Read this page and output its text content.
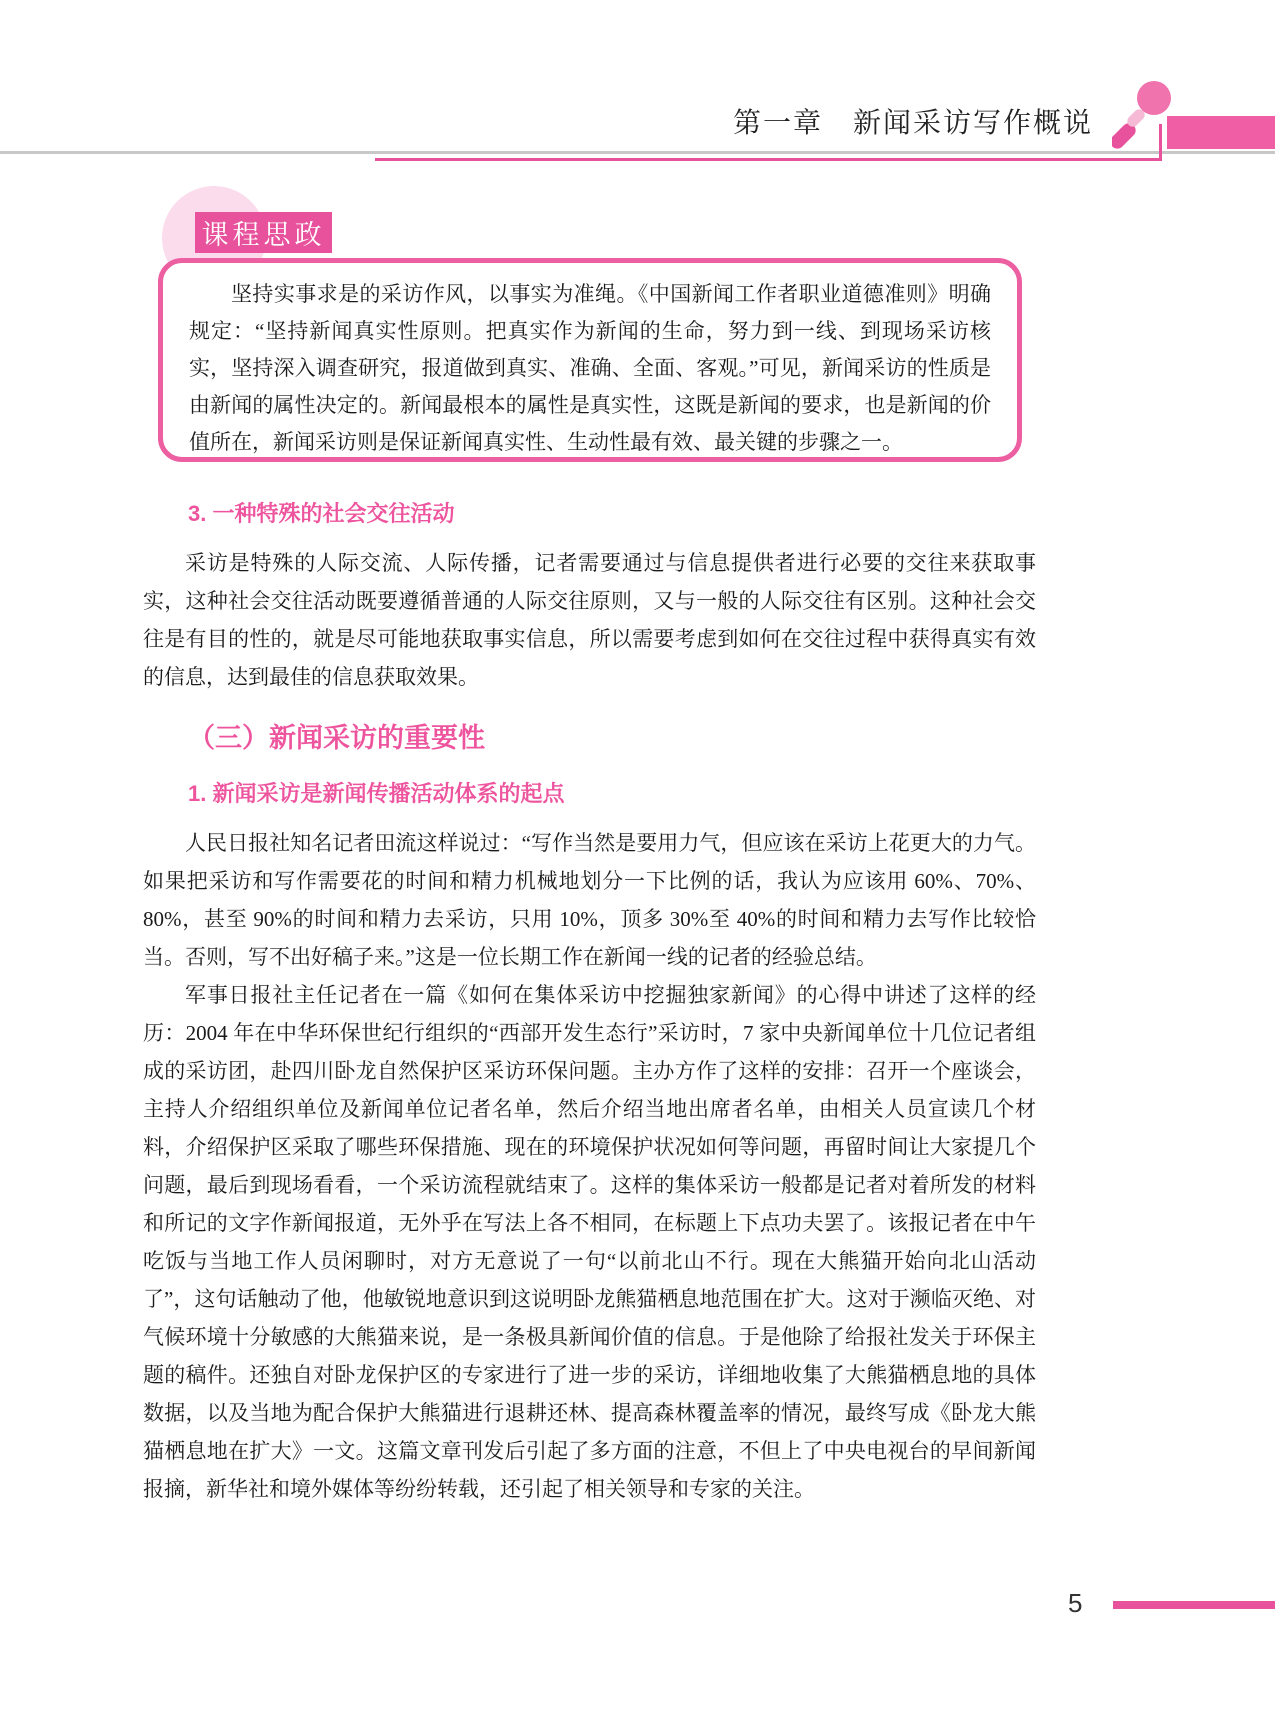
第一章　新闻采访写作概说
课程思政

坚持实事求是的采访作风，以事实为准绳。《中国新闻工作者职业道德准则》明确规定：“坚持新闻真实性原则。把真实作为新闻的生命，努力到一线、到现场采访核实，坚持深入调查研究，报道做到真实、准确、全面、客观。”可见，新闻采访的性质是由新闻的属性决定的。新闻最根本的属性是真实性，这既是新闻的要求，也是新闻的价值所在，新闻采访则是保证新闻真实性、生动性最有效、最关键的步骤之一。

3. 一种特殊的社会交往活动

采访是特殊的人际交流、人际传播，记者需要通过与信息提供者进行必要的交往来获取事实，这种社会交往活动既要遵循普通的人际交往原则，又与一般的人际交往有区别。这种社会交往是有目的性的，就是尽可能地获取事实信息，所以需要考虑到如何在交往过程中获得真实有效的信息，达到最佳的信息获取效果。

（三）新闻采访的重要性
1. 新闻采访是新闻传播活动体系的起点

人民日报社知名记者田流这样说过：“写作当然是要用力气，但应该在采访上花更大的力气。如果把采访和写作需要花的时间和精力机械地划分一下比例的话，我认为应该用 60%、70%、80%，甚至 90%的时间和精力去采访，只用 10%，顶多 30%至 40%的时间和精力去写作比较恰当。否则，写不出好稿子来。”这是一位长期工作在新闻一线的记者的经验总结。

军事日报社主任记者在一篇《如何在集体采访中挖掘独家新闻》的心得中讲述了这样的经历：2004 年在中华环保世纪行组织的“西部开发生态行”采访时，7 家中央新闻单位十几位记者组成的采访团，赴四川卧龙自然保护区采访环保问题。主办方作了这样的安排：召开一个座谈会，主持人介绍组织单位及新闻单位记者名单，然后介绍当地出席者名单，由相关人员宣读几个材料，介绍保护区采取了哪些环保措施、现在的环境保护状况如何等问题，再留时间让大家提几个问题，最后到现场看看，一个采访流程就结束了。这样的集体采访一般都是记者对着所发的材料和所记的文字作新闻报道，无外乎在写法上各不相同，在标题上下点功夫罢了。该报记者在中午吃饭与当地工作人员闲聊时，对方无意说了一句“以前北山不行。现在大熊猫开始向北山活动了”，这句话触动了他，他敏锐地意识到这说明卧龙熊猫栖息地范围在扩大。这对于濒临灭绝、对气候环境十分敏感的大熊猫来说，是一条极具新闻价值的信息。于是他除了给报社发关于环保主题的稿件。还独自对卧龙保护区的专家进行了进一步的采访，详细地收集了大熊猫栖息地的具体数据，以及当地为配合保护大熊猫进行退耕还林、提高森林覆盖率的情况，最终写成《卧龙大熊猫栖息地在扩大》一文。这篇文章刊发后引起了多方面的注意，不但上了中央电视台的早间新闻报摘，新华社和境外媒体等纷纷转载，还引起了相关领导和专家的关注。

5
